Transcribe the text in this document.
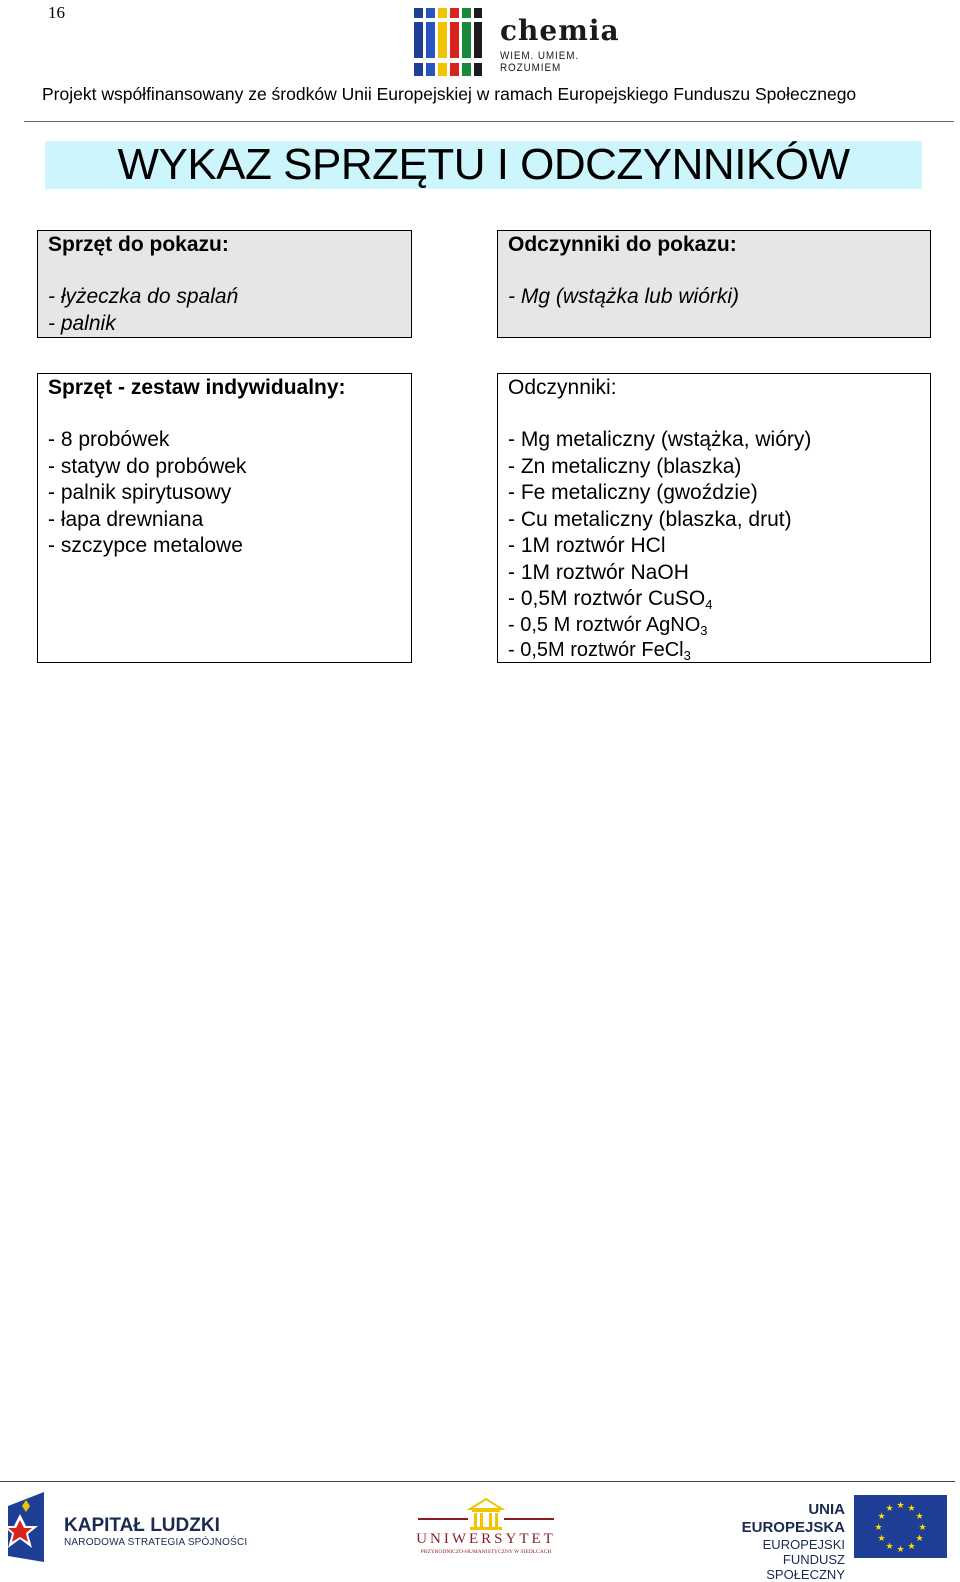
16
chemia
WIEM. UMIEM. ROZUMIEM
Projekt współfinansowany ze środków Unii Europejskiej w ramach Europejskiego Funduszu Społecznego
WYKAZ SPRZĘTU I ODCZYNNIKÓW
Sprzęt do pokazu:
- łyżeczka do spalań
- palnik
Odczynniki do pokazu:
- Mg (wstążka lub wiórki)
Sprzęt - zestaw indywidualny:
- 8 probówek
- statyw do probówek
- palnik spirytusowy
- łapa drewniana
- szczypce metalowe
Odczynniki:
- Mg metaliczny (wstążka, wióry)
- Zn metaliczny (blaszka)
- Fe metaliczny (gwoździe)
- Cu metaliczny (blaszka, drut)
- 1M roztwór HCl
- 1M roztwór NaOH
- 0,5M roztwór CuSO$_4$
- 0,5 M roztwór AgNO$_3$
- 0,5M roztwór FeCl$_3$
KAPITAŁ LUDZKI
NARODOWA STRATEGIA SPÓJNOŚCI	UNIWERSYTET
PRZYRODNICZO-HUMANISTYCZNY W SIEDLCACH
UNIA EUROPEJSKA
EUROPEJSKI
FUNDUSZ SPOŁECZNY
★ ★
★
★
★
★
★
★
★
★
★
★
